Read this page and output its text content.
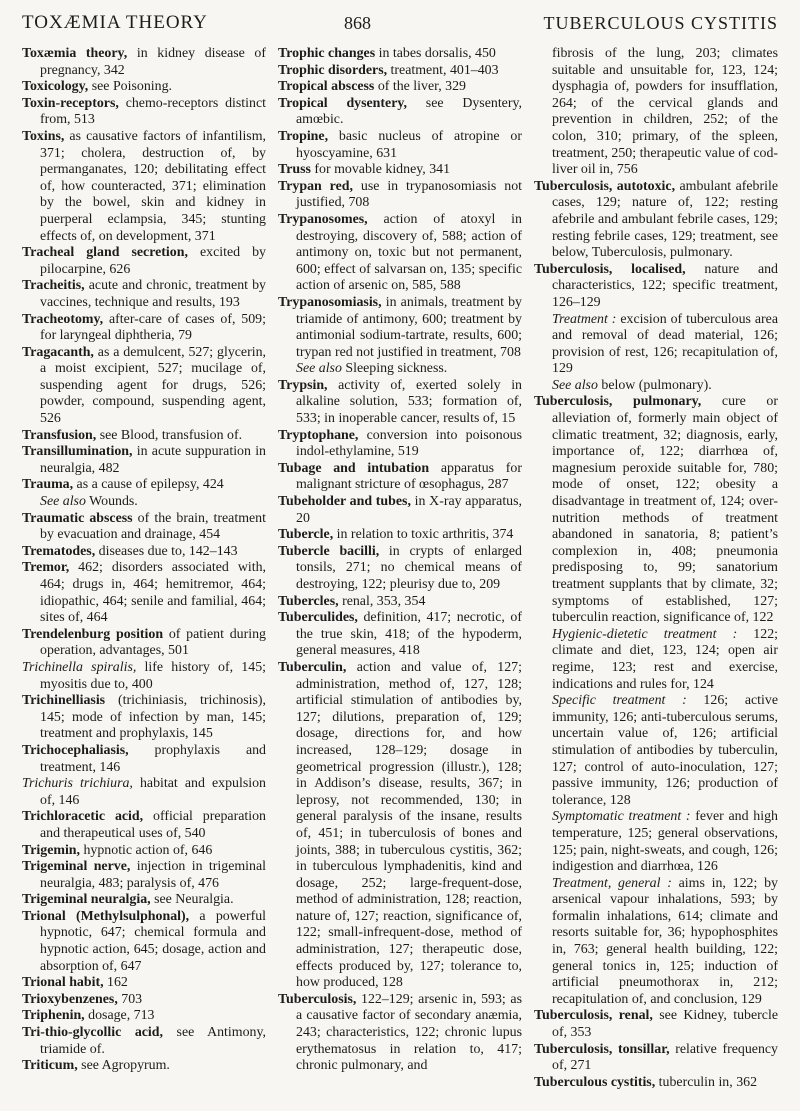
TOXÆMIA THEORY	868	TUBERCULOUS CYSTITIS

Toxæmia theory, in kidney disease of pregnancy, 342

Toxicology, see Poisoning.

Toxin-receptors, chemo-receptors distinct from, 513

Toxins, as causative factors of infantilism, 371; cholera, destruction of, by permanganates, 120; debilitating effect of, how counteracted, 371; elimination by the bowel, skin and kidney in puerperal eclampsia, 345; stunting effects of, on development, 371

Tracheal gland secretion, excited by pilocarpine, 626

Tracheitis, acute and chronic, treatment by vaccines, technique and results, 193

Tracheotomy, after-care of cases of, 509; for laryngeal diphtheria, 79

Tragacanth, as a demulcent, 527; glycerin, a moist excipient, 527; mucilage of, suspending agent for drugs, 526; powder, compound, suspending agent, 526

Transfusion, see Blood, transfusion of.

Transillumination, in acute suppuration in neuralgia, 482

Trauma, as a cause of epilepsy, 424

See also Wounds.

Traumatic abscess of the brain, treatment by evacuation and drainage, 454

Trematodes, diseases due to, 142–143

Tremor, 462; disorders associated with, 464; drugs in, 464; hemitremor, 464; idiopathic, 464; senile and familial, 464; sites of, 464

Trendelenburg position of patient during operation, advantages, 501

Trichinella spiralis, life history of, 145; myositis due to, 400

Trichinelliasis (trichiniasis, trichinosis), 145; mode of infection by man, 145; treatment and prophylaxis, 145

Trichocephaliasis, prophylaxis and treatment, 146

Trichuris trichiura, habitat and expulsion of, 146

Trichloracetic acid, official preparation and therapeutical uses of, 540

Trigemin, hypnotic action of, 646

Trigeminal nerve, injection in trigeminal neuralgia, 483; paralysis of, 476

Trigeminal neuralgia, see Neuralgia.

Trional (Methylsulphonal), a powerful hypnotic, 647; chemical formula and hypnotic action, 645; dosage, action and absorption of, 647

Trional habit, 162

Trioxybenzenes, 703

Triphenin, dosage, 713

Tri-thio-glycollic acid, see Antimony, triamide of.

Triticum, see Agropyrum.

Trophic changes in tabes dorsalis, 450

Trophic disorders, treatment, 401–403

Tropical abscess of the liver, 329

Tropical dysentery, see Dysentery, amœbic.

Tropine, basic nucleus of atropine or hyoscyamine, 631

Truss for movable kidney, 341

Trypan red, use in trypanosomiasis not justified, 708

Trypanosomes, action of atoxyl in destroying, discovery of, 588; action of antimony on, toxic but not permanent, 600; effect of salvarsan on, 135; specific action of arsenic on, 585, 588

Trypanosomiasis, in animals, treatment by triamide of antimony, 600; treatment by antimonial sodium-tartrate, results, 600; trypan red not justified in treatment, 708

See also Sleeping sickness.

Trypsin, activity of, exerted solely in alkaline solution, 533; formation of, 533; in inoperable cancer, results of, 15

Tryptophane, conversion into poisonous indol-ethylamine, 519

Tubage and intubation apparatus for malignant stricture of œsophagus, 287

Tubeholder and tubes, in X-ray apparatus, 20

Tubercle, in relation to toxic arthritis, 374

Tubercle bacilli, in crypts of enlarged tonsils, 271; no chemical means of destroying, 122; pleurisy due to, 209

Tubercles, renal, 353, 354

Tuberculides, definition, 417; necrotic, of the true skin, 418; of the hypoderm, general measures, 418

Tuberculin, action and value of, 127; administration, method of, 127, 128; artificial stimulation of antibodies by, 127; dilutions, preparation of, 129; dosage, directions for, and how increased, 128–129; dosage in geometrical progression (illustr.), 128; in Addison’s disease, results, 367; in leprosy, not recommended, 130; in general paralysis of the insane, results of, 451; in tuberculosis of bones and joints, 388; in tuberculous cystitis, 362; in tuberculous lymphadenitis, kind and dosage, 252; large-frequent-dose, method of administration, 128; reaction, nature of, 127; reaction, significance of, 122; small-infrequent-dose, method of administration, 127; therapeutic dose, effects produced by, 127; tolerance to, how produced, 128

Tuberculosis, 122–129; arsenic in, 593; as a causative factor of secondary anæmia, 243; characteristics, 122; chronic lupus erythematosus in relation to, 417; chronic pulmonary, and

fibrosis of the lung, 203; climates suitable and unsuitable for, 123, 124; dysphagia of, powders for insufflation, 264; of the cervical glands and prevention in children, 252; of the colon, 310; primary, of the spleen, treatment, 250; therapeutic value of cod-liver oil in, 756

Tuberculosis, autotoxic, ambulant afebrile cases, 129; nature of, 122; resting afebrile and ambulant febrile cases, 129; resting febrile cases, 129; treatment, see below, Tuberculosis, pulmonary.

Tuberculosis, localised, nature and characteristics, 122; specific treatment, 126–129

Treatment : excision of tuberculous area and removal of dead material, 126; provision of rest, 126; recapitulation of, 129

See also below (pulmonary).

Tuberculosis, pulmonary, cure or alleviation of, formerly main object of climatic treatment, 32; diagnosis, early, importance of, 122; diarrhœa of, magnesium peroxide suitable for, 780; mode of onset, 122; obesity a disadvantage in treatment of, 124; over-nutrition methods of treatment abandoned in sanatoria, 8; patient’s complexion in, 408; pneumonia predisposing to, 99; sanatorium treatment supplants that by climate, 32; symptoms of established, 127; tuberculin reaction, significance of, 122

Hygienic-dietetic treatment : 122; climate and diet, 123, 124; open air regime, 123; rest and exercise, indications and rules for, 124

Specific treatment : 126; active immunity, 126; anti-tuberculous serums, uncertain value of, 126; artificial stimulation of antibodies by tuberculin, 127; control of auto-inoculation, 127; passive immunity, 126; production of tolerance, 128

Symptomatic treatment : fever and high temperature, 125; general observations, 125; pain, night-sweats, and cough, 126; indigestion and diarrhœa, 126

Treatment, general : aims in, 122; by arsenical vapour inhalations, 593; by formalin inhalations, 614; climate and resorts suitable for, 36; hypophosphites in, 763; general health building, 122; general tonics in, 125; induction of artificial pneumothorax in, 212; recapitulation of, and conclusion, 129

Tuberculosis, renal, see Kidney, tubercle of, 353

Tuberculosis, tonsillar, relative frequency of, 271

Tuberculous cystitis, tuberculin in, 362
